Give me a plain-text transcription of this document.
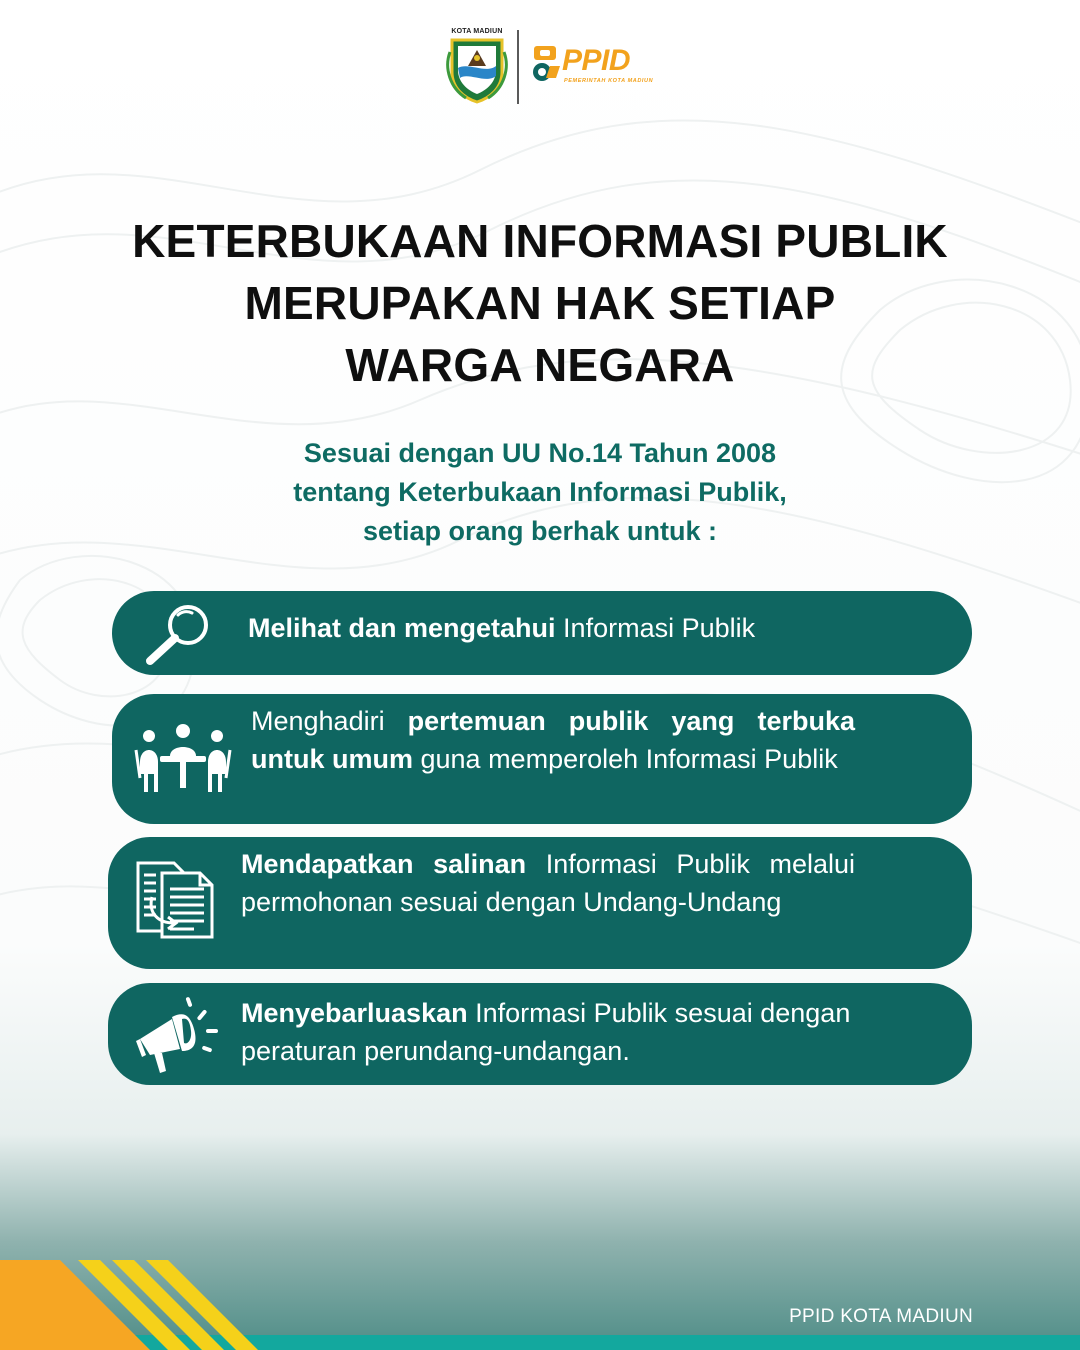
KOTA MADIUN
PPID
PEMERINTAH KOTA MADIUN
KETERBUKAAN INFORMASI PUBLIK
MERUPAKAN HAK SETIAP
WARGA NEGARA
Sesuai dengan UU No.14 Tahun 2008
tentang Keterbukaan Informasi Publik,
setiap orang berhak untuk :
Melihat dan mengetahui Informasi Publik
Menghadiri pertemuan publik yang terbuka untuk umum guna memperoleh Informasi Publik
Mendapatkan salinan Informasi Publik melalui permohonan sesuai dengan Undang-Undang
Menyebarluaskan Informasi Publik sesuai dengan peraturan perundang-undangan.
PPID KOTA MADIUN
